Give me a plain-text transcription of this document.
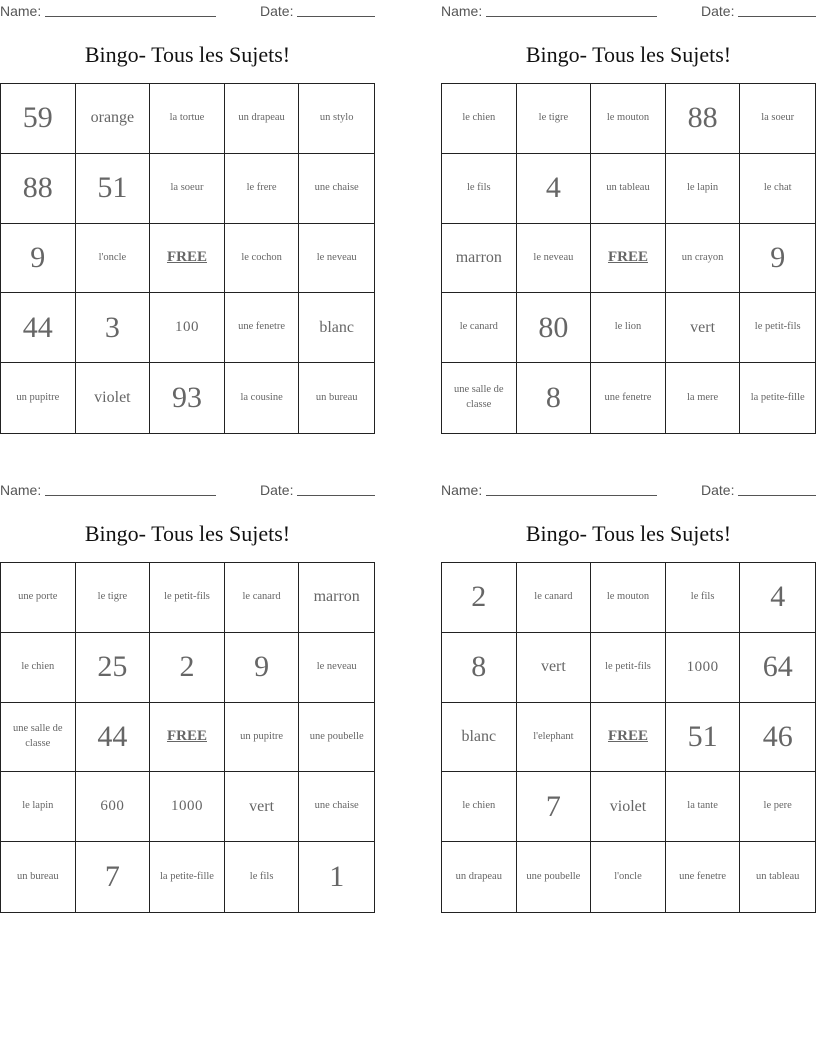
Name:	Date:
Bingo- Tous les Sujets!
59	orange	la tortue	un drapeau	un stylo
88	51	la soeur	le frere	une chaise
9	l'oncle	FREE	le cochon	le neveau
44	3	100	une fenetre	blanc
un pupitre	violet	93	la cousine	un bureau
Name:	Date:
Bingo- Tous les Sujets!
le chien	le tigre	le mouton	88	la soeur
le fils	4	un tableau	le lapin	le chat
marron	le neveau	FREE	un crayon	9
le canard	80	le lion	vert	le petit-fils
une salle de classe	8	une fenetre	la mere	la petite-fille
Name:	Date:
Bingo- Tous les Sujets!
une porte	le tigre	le petit-fils	le canard	marron
le chien	25	2	9	le neveau
une salle de classe	44	FREE	un pupitre	une poubelle
le lapin	600	1000	vert	une chaise
un bureau	7	la petite-fille	le fils	1
Name:	Date:
Bingo- Tous les Sujets!
2	le canard	le mouton	le fils	4
8	vert	le petit-fils	1000	64
blanc	l'elephant	FREE	51	46
le chien	7	violet	la tante	le pere
un drapeau	une poubelle	l'oncle	une fenetre	un tableau
